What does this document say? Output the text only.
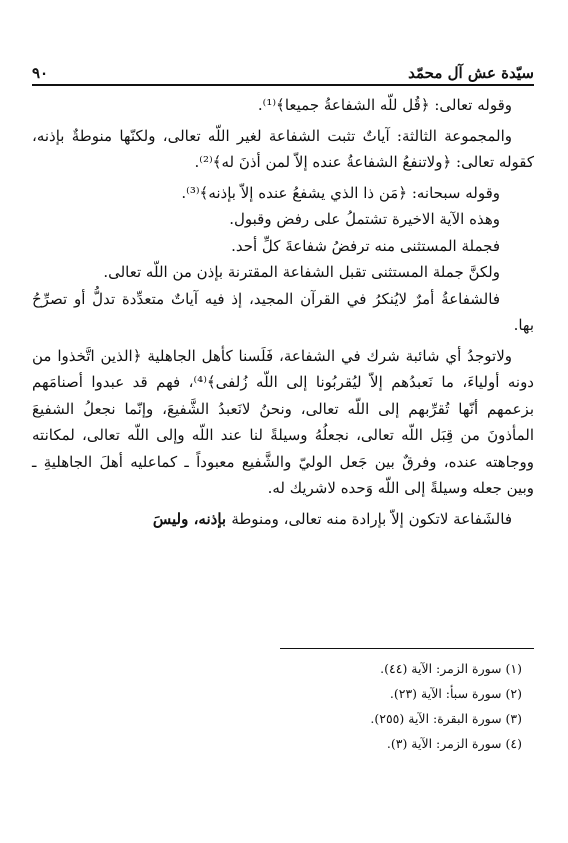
سيّدة عش آل محمّد
٩٠

وقوله تعالى: ﴿قُل للّه الشفاعةُ جميعا﴾⁽¹⁾.

والمجموعة الثالثة: آياتٌ تثبت الشفاعة لغير اللّه تعالى، ولكنّها منوطةٌ بإذنه، كقوله تعالى: ﴿ولاتنفعُ الشفاعةُ عنده إلاّ لمن أذنَ له﴾⁽²⁾.

وقوله سبحانه: ﴿مَن ذا الذي يشفعُ عنده إلاّ بإذنه﴾⁽³⁾.

وهذه الآية الاخيرة تشتملُ على رفض وقبول.

فجملة المستثنى منه ترفضُ شفاعةَ كلِّ أحد.

ولكنَّ جملة المستثنى تقبل الشفاعة المقترنة بإذن من اللّه تعالى.

فالشفاعةُ أمرٌ لايُنكرُ في القرآن المجيد، إذ فيه آياتٌ متعدِّدة تدلُّ أو تصرِّحُ بها.

ولاتوجدُ أي شائبة شرك في الشفاعة، فَلَسنا كأهل الجاهلية ﴿الذين اتَّخذوا من دونه أولياءَ، ما نَعبدُهم إلاّ ليُقربُونا إلى اللّه زُلفى﴾⁽⁴⁾، فهم قد عبدوا أصنامَهم بزعمهم أنّها تُقرِّبهم إلى اللّه تعالى، ونحنُ لانَعبدُ الشَّفيعَ، وإنّما نجعلُ الشفيعَ المأذونَ من قِبَل اللّه تعالى، نجعلُهُ وسيلةً لنا عند اللّه وإلى اللّه تعالى، لمكانته ووجاهته عنده، وفرقٌ بين جَعل الوليّ والشَّفيع معبوداً ـ كماعليه أهلَ الجاهليةِ ـ وبين جعله وسيلةً إلى اللّه وَحده لاشريك له.

فالشَفاعة لاتكون إلاّ بإرادة منه تعالى، ومنوطة بإذنه، وليسَ

(١) سورة الزمر: الآية (٤٤).
(٢) سورة سبأ: الآية (٢٣).
(٣) سورة البقرة: الآية (٢٥٥).
(٤) سورة الزمر: الآية (٣).
